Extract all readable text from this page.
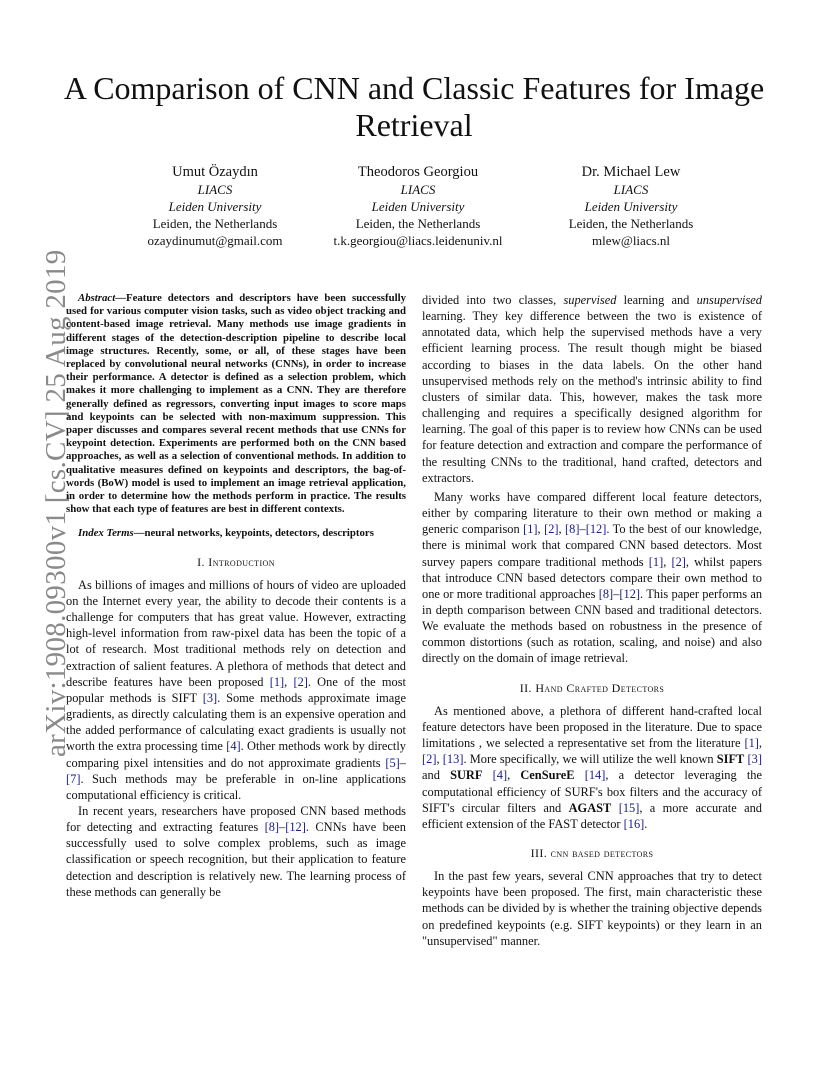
arXiv:1908.09300v1 [cs.CV] 25 Aug 2019
A Comparison of CNN and Classic Features for Image Retrieval
Umut Özaydın
LIACS
Leiden University
Leiden, the Netherlands
ozaydinumut@gmail.com
Theodoros Georgiou
LIACS
Leiden University
Leiden, the Netherlands
t.k.georgiou@liacs.leidenuniv.nl
Dr. Michael Lew
LIACS
Leiden University
Leiden, the Netherlands
mlew@liacs.nl

Abstract—Feature detectors and descriptors have been successfully used for various computer vision tasks, such as video object tracking and content-based image retrieval. Many methods use image gradients in different stages of the detection-description pipeline to describe local image structures. Recently, some, or all, of these stages have been replaced by convolutional neural networks (CNNs), in order to increase their performance. A detector is defined as a selection problem, which makes it more challenging to implement as a CNN. They are therefore generally defined as regressors, converting input images to score maps and keypoints can be selected with non-maximum suppression. This paper discusses and compares several recent methods that use CNNs for keypoint detection. Experiments are performed both on the CNN based approaches, as well as a selection of conventional methods. In addition to qualitative measures defined on keypoints and descriptors, the bag-of-words (BoW) model is used to implement an image retrieval application, in order to determine how the methods perform in practice. The results show that each type of features are best in different contexts.

Index Terms—neural networks, keypoints, detectors, descriptors

I. Introduction

As billions of images and millions of hours of video are uploaded on the Internet every year, the ability to decode their contents is a challenge for computers that has great value. However, extracting high-level information from raw-pixel data has been the topic of a lot of research. Most traditional methods rely on detection and extraction of salient features. A plethora of methods that detect and describe features have been proposed [1], [2]. One of the most popular methods is SIFT [3]. Some methods approximate image gradients, as directly calculating them is an expensive operation and the added performance of calculating exact gradients is usually not worth the extra processing time [4]. Other methods work by directly comparing pixel intensities and do not approximate gradients [5]–[7]. Such methods may be preferable in on-line applications computational efficiency is critical.

In recent years, researchers have proposed CNN based methods for detecting and extracting features [8]–[12]. CNNs have been successfully used to solve complex problems, such as image classification or speech recognition, but their application to feature detection and description is relatively new. The learning process of these methods can generally be

divided into two classes, supervised learning and unsupervised learning. They key difference between the two is existence of annotated data, which help the supervised methods have a very efficient learning process. The result though might be biased according to biases in the data labels. On the other hand unsupervised methods rely on the method's intrinsic ability to find clusters of similar data. This, however, makes the task more challenging and requires a specifically designed algorithm for learning. The goal of this paper is to review how CNNs can be used for feature detection and extraction and compare the performance of the resulting CNNs to the traditional, hand crafted, detectors and extractors.

Many works have compared different local feature detectors, either by comparing literature to their own method or making a generic comparison [1], [2], [8]–[12]. To the best of our knowledge, there is minimal work that compared CNN based detectors. Most survey papers compare traditional methods [1], [2], whilst papers that introduce CNN based detectors compare their own method to one or more traditional approaches [8]–[12]. This paper performs an in depth comparison between CNN based and traditional detectors. We evaluate the methods based on robustness in the presence of common distortions (such as rotation, scaling, and noise) and also directly on the domain of image retrieval.

II. Hand Crafted Detectors

As mentioned above, a plethora of different hand-crafted local feature detectors have been proposed in the literature. Due to space limitations , we selected a representative set from the literature [1], [2], [13]. More specifically, we will utilize the well known SIFT [3] and SURF [4], CenSureE [14], a detector leveraging the computational efficiency of SURF's box filters and the accuracy of SIFT's circular filters and AGAST [15], a more accurate and efficient extension of the FAST detector [16].

III. cnn based detectors

In the past few years, several CNN approaches that try to detect keypoints have been proposed. The first, main characteristic these methods can be divided by is whether the training objective depends on predefined keypoints (e.g. SIFT keypoints) or they learn in an "unsupervised" manner.
